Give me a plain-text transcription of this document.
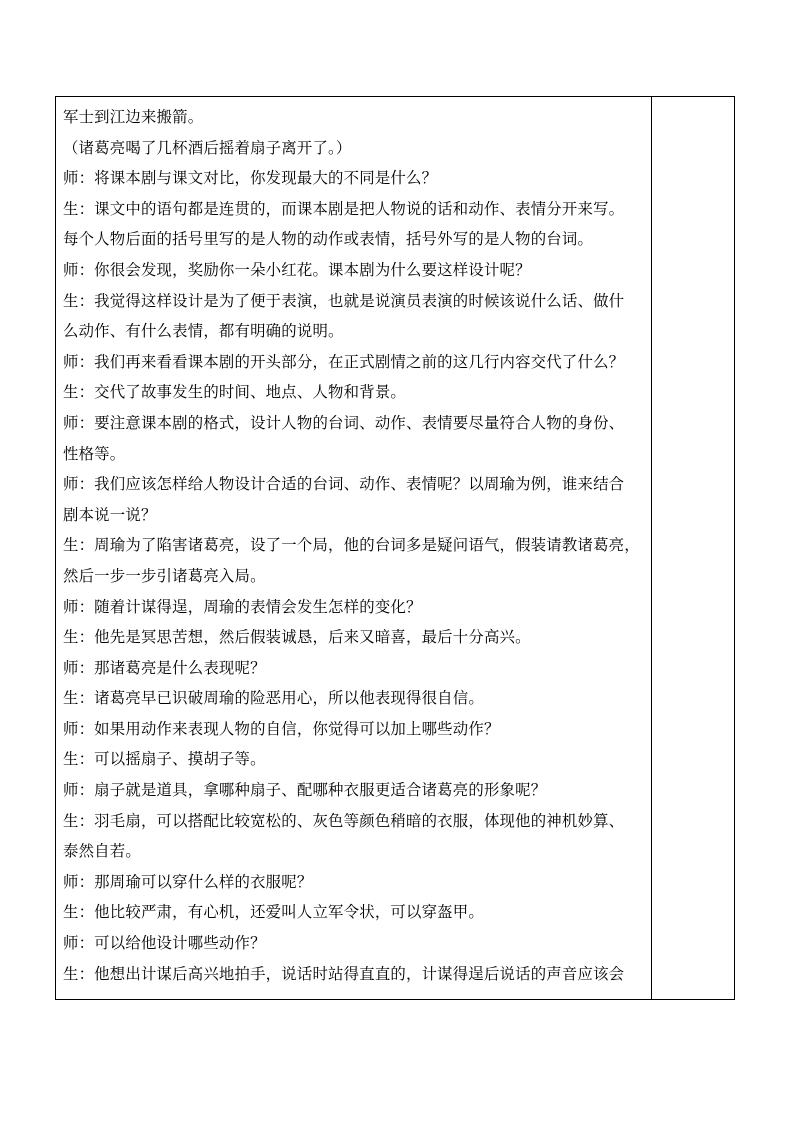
军士到江边来搬箭。
（诸葛亮喝了几杯酒后摇着扇子离开了。）
师：将课本剧与课文对比，你发现最大的不同是什么？
生：课文中的语句都是连贯的，而课本剧是把人物说的话和动作、表情分开来写。
每个人物后面的括号里写的是人物的动作或表情，括号外写的是人物的台词。
师：你很会发现，奖励你一朵小红花。课本剧为什么要这样设计呢？
生：我觉得这样设计是为了便于表演，也就是说演员表演的时候该说什么话、做什
么动作、有什么表情，都有明确的说明。
师：我们再来看看课本剧的开头部分，在正式剧情之前的这几行内容交代了什么？
生：交代了故事发生的时间、地点、人物和背景。
师：要注意课本剧的格式，设计人物的台词、动作、表情要尽量符合人物的身份、
性格等。
师：我们应该怎样给人物设计合适的台词、动作、表情呢？以周瑜为例，谁来结合
剧本说一说？
生：周瑜为了陷害诸葛亮，设了一个局，他的台词多是疑问语气，假装请教诸葛亮，
然后一步一步引诸葛亮入局。
师：随着计谋得逞，周瑜的表情会发生怎样的变化？
生：他先是冥思苦想，然后假装诚恳，后来又暗喜，最后十分高兴。
师：那诸葛亮是什么表现呢？
生：诸葛亮早已识破周瑜的险恶用心，所以他表现得很自信。
师：如果用动作来表现人物的自信，你觉得可以加上哪些动作？
生：可以摇扇子、摸胡子等。
师：扇子就是道具，拿哪种扇子、配哪种衣服更适合诸葛亮的形象呢？
生：羽毛扇，可以搭配比较宽松的、灰色等颜色稍暗的衣服，体现他的神机妙算、
泰然自若。
师：那周瑜可以穿什么样的衣服呢？
生：他比较严肃，有心机，还爱叫人立军令状，可以穿盔甲。
师：可以给他设计哪些动作？
生：他想出计谋后高兴地拍手，说话时站得直直的，计谋得逞后说话的声音应该会
